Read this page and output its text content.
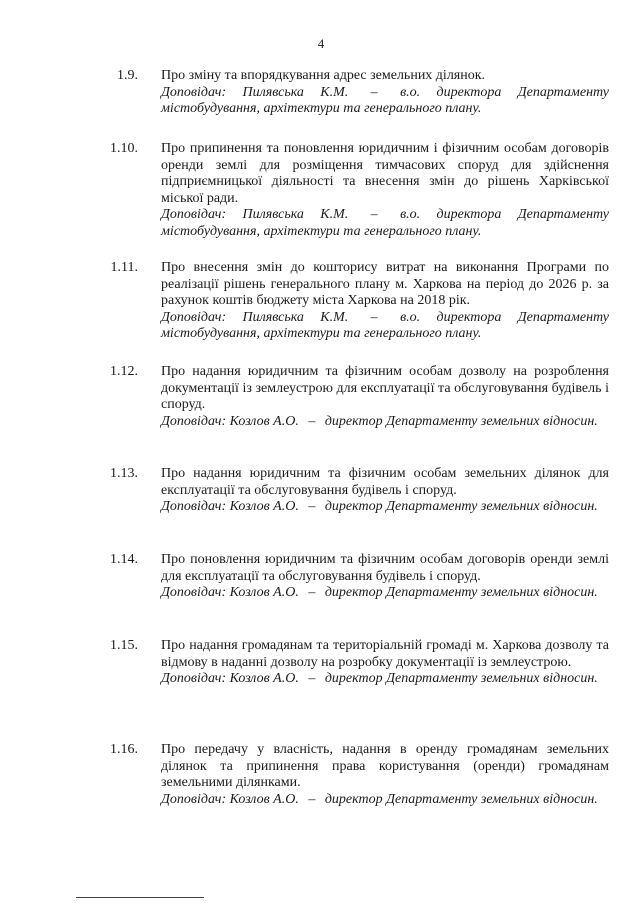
4
1.9. Про зміну та впорядкування адрес земельних ділянок.
Доповідач: Пилявська К.М. – в.о. директора Департаменту містобудування, архітектури та генерального плану.
1.10. Про припинення та поновлення юридичним і фізичним особам договорів оренди землі для розміщення тимчасових споруд для здійснення підприємницької діяльності та внесення змін до рішень Харківської міської ради.
Доповідач: Пилявська К.М. – в.о. директора Департаменту містобудування, архітектури та генерального плану.
1.11. Про внесення змін до кошторису витрат на виконання Програми по реалізації рішень генерального плану м. Харкова на період до 2026 р. за рахунок коштів бюджету міста Харкова на 2018 рік.
Доповідач: Пилявська К.М. – в.о. директора Департаменту містобудування, архітектури та генерального плану.
1.12. Про надання юридичним та фізичним особам дозволу на розроблення документації із землеустрою для експлуатації та обслуговування будівель і споруд.
Доповідач: Козлов А.О. – директор Департаменту земельних відносин.
1.13. Про надання юридичним та фізичним особам земельних ділянок для експлуатації та обслуговування будівель і споруд.
Доповідач: Козлов А.О. – директор Департаменту земельних відносин.
1.14. Про поновлення юридичним та фізичним особам договорів оренди землі для експлуатації та обслуговування будівель і споруд.
Доповідач: Козлов А.О. – директор Департаменту земельних відносин.
1.15. Про надання громадянам та територіальній громаді м. Харкова дозволу та відмову в наданні дозволу на розробку документації із землеустрою.
Доповідач: Козлов А.О. – директор Департаменту земельних відносин.
1.16. Про передачу у власність, надання в оренду громадянам земельних ділянок та припинення права користування (оренди) громадянам земельними ділянками.
Доповідач: Козлов А.О. – директор Департаменту земельних відносин.
